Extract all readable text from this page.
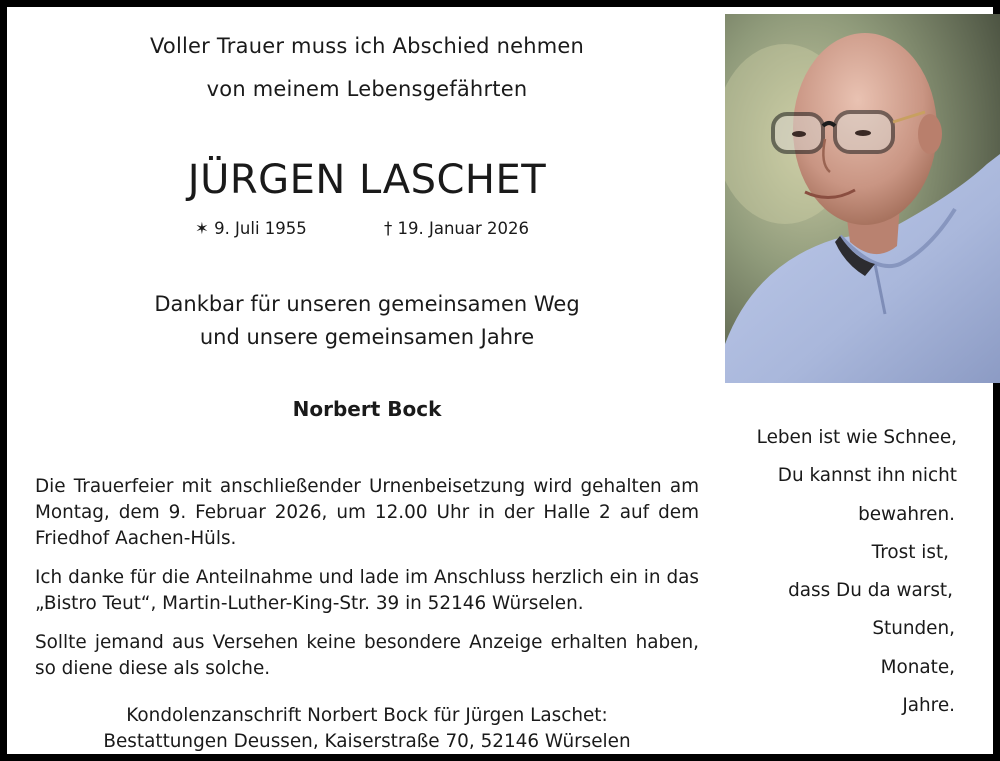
Voller Trauer muss ich Abschied nehmen
von meinem Lebensgefährten
JÜRGEN LASCHET
✶ 9. Juli 1955	† 19. Januar 2026
Dankbar für unseren gemeinsamen Weg
und unsere gemeinsamen Jahre
Norbert Bock
Die Trauerfeier mit anschließender Urnenbeisetzung wird gehalten am Montag, dem 9. Februar 2026, um 12.00 Uhr in der Halle 2 auf dem Friedhof Aachen-Hüls.
Ich danke für die Anteilnahme und lade im Anschluss herzlich ein in das „Bistro Teut“, Martin-Luther-King-Str. 39 in 52146 Würselen.
Sollte jemand aus Versehen keine besondere Anzeige erhalten haben, so diene diese als solche.
Kondolenzanschrift Norbert Bock für Jürgen Laschet:
Bestattungen Deussen, Kaiserstraße 70, 52146 Würselen
Leben ist wie Schnee,
Du kannst ihn nicht
bewahren.
Trost ist,
dass Du da warst,
Stunden,
Monate,
Jahre.
